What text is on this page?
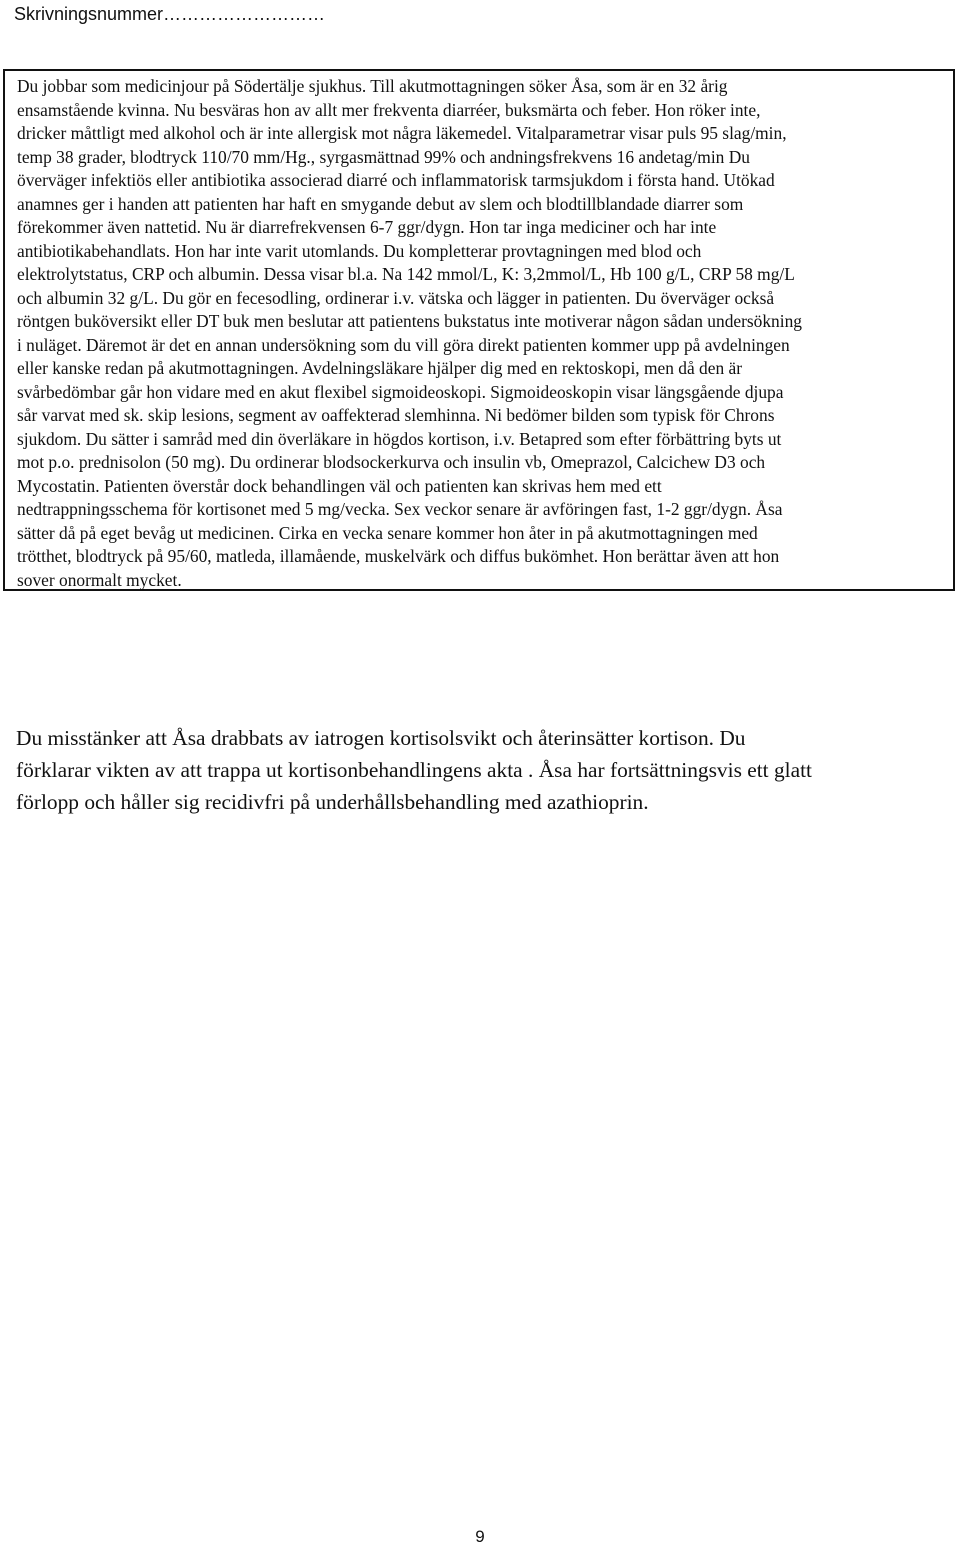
Skrivningsnummer………………………

Du jobbar som medicinjour på Södertälje sjukhus. Till akutmottagningen söker Åsa, som är en 32 årig
ensamstående kvinna. Nu besväras hon av allt mer frekventa diarréer, buksmärta och feber. Hon röker inte,
dricker måttligt med alkohol och är inte allergisk mot några läkemedel. Vitalparametrar visar puls 95 slag/min,
temp 38 grader, blodtryck 110/70 mm/Hg., syrgasmättnad 99% och andningsfrekvens 16 andetag/min Du
överväger infektiös eller antibiotika associerad diarré och inflammatorisk tarmsjukdom i första hand. Utökad
anamnes ger i handen att patienten har haft en smygande debut av slem och blodtillblandade diarrer som
förekommer även nattetid. Nu är diarrefrekvensen 6-7 ggr/dygn. Hon tar inga mediciner och har inte
antibiotikabehandlats. Hon har inte varit utomlands. Du kompletterar provtagningen med blod och
elektrolytstatus, CRP och albumin. Dessa visar bl.a. Na 142 mmol/L, K: 3,2mmol/L, Hb 100 g/L, CRP 58 mg/L
och albumin 32 g/L. Du gör en fecesodling, ordinerar i.v. vätska och lägger in patienten. Du överväger också
röntgen buköversikt eller DT buk men beslutar att patientens bukstatus inte motiverar någon sådan undersökning
i nuläget. Däremot är det en annan undersökning som du vill göra direkt patienten kommer upp på avdelningen
eller kanske redan på akutmottagningen. Avdelningsläkare hjälper dig med en rektoskopi, men då den är
svårbedömbar går hon vidare med en akut flexibel sigmoideoskopi. Sigmoideoskopin visar längsgående djupa
sår varvat med sk. skip lesions, segment av oaffekterad slemhinna. Ni bedömer bilden som typisk för Chrons
sjukdom. Du sätter i samråd med din överläkare in högdos kortison, i.v. Betapred som efter förbättring byts ut
mot p.o. prednisolon (50 mg). Du ordinerar blodsockerkurva och insulin vb, Omeprazol, Calcichew D3 och
Mycostatin. Patienten överstår dock behandlingen väl och patienten kan skrivas hem med ett
nedtrappningsschema för kortisonet med 5 mg/vecka. Sex veckor senare är avföringen fast, 1-2 ggr/dygn. Åsa
sätter då på eget bevåg ut medicinen. Cirka en vecka senare kommer hon åter in på akutmottagningen med
trötthet, blodtryck på 95/60, matleda, illamående, muskelvärk och diffus bukömhet. Hon berättar även att hon
sover onormalt mycket.

Du misstänker att Åsa drabbats av iatrogen kortisolsvikt och återinsätter kortison. Du
förklarar vikten av att trappa ut kortisonbehandlingens akta . Åsa har fortsättningsvis ett glatt
förlopp och håller sig recidivfri på underhållsbehandling med azathioprin.

9
